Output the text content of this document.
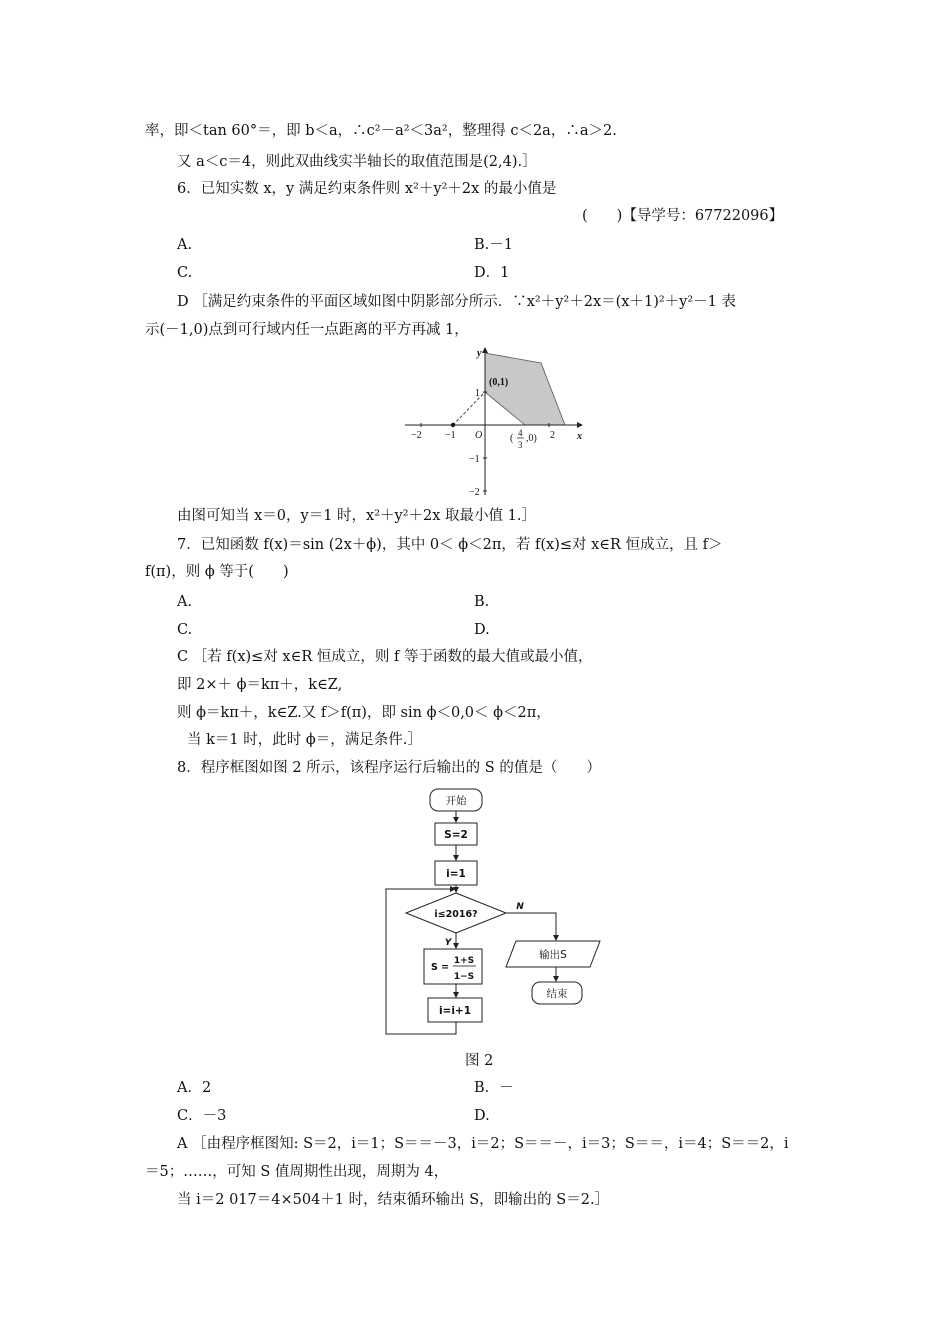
率，即＜tan 60°＝，即 b＜a，∴c²－a²＜3a²，整理得 c＜2a，∴a＞2.
又 a＜c＝4，则此双曲线实半轴长的取值范围是(2,4).］
6．已知实数 x，y 满足约束条件则 x²＋y²＋2x 的最小值是
(　　)【导学号：67722096】
A.	B.－1
C.	D．1
D ［满足约束条件的平面区域如图中阴影部分所示．∵x²＋y²＋2x＝(x＋1)²＋y²－1 表
示(－1,0)点到可行域内任一点距离的平方再减 1，
y
x
O
(0,1)
−2 −1	2
1
−1
−2
( 4
3
,0)
由图可知当 x＝0，y＝1 时，x²＋y²＋2x 取最小值 1.］
7．已知函数 f(x)＝sin (2x＋ϕ)，其中 0＜ ϕ＜2π，若 f(x)≤对 x∈R 恒成立，且 f＞
f(π)，则 ϕ 等于(　　)
A.	B.
C.	D.
C ［若 f(x)≤对 x∈R 恒成立，则 f 等于函数的最大值或最小值，
即 2×＋ ϕ＝kπ＋，k∈Z,
则 ϕ＝kπ＋，k∈Z.又 f＞f(π)，即 sin ϕ＜0,0＜ ϕ＜2π，
当 k＝1 时，此时 ϕ＝，满足条件.］
8．程序框图如图 2 所示，该程序运行后输出的 S 的值是（　　）
开始
S=2
i=1
i≤2016?
Y
N
S =
1+S
1−S
i=i+1
输出S
结束
图 2
A．2	B．－
C．－3	D.
A ［由程序框图知: S＝2，i＝1；S＝＝－3，i＝2；S＝＝－，i＝3；S＝＝，i＝4；S＝＝2，i
＝5；……，可知 S 值周期性出现，周期为 4，
当 i＝2 017＝4×504＋1 时，结束循环输出 S，即输出的 S＝2.］
